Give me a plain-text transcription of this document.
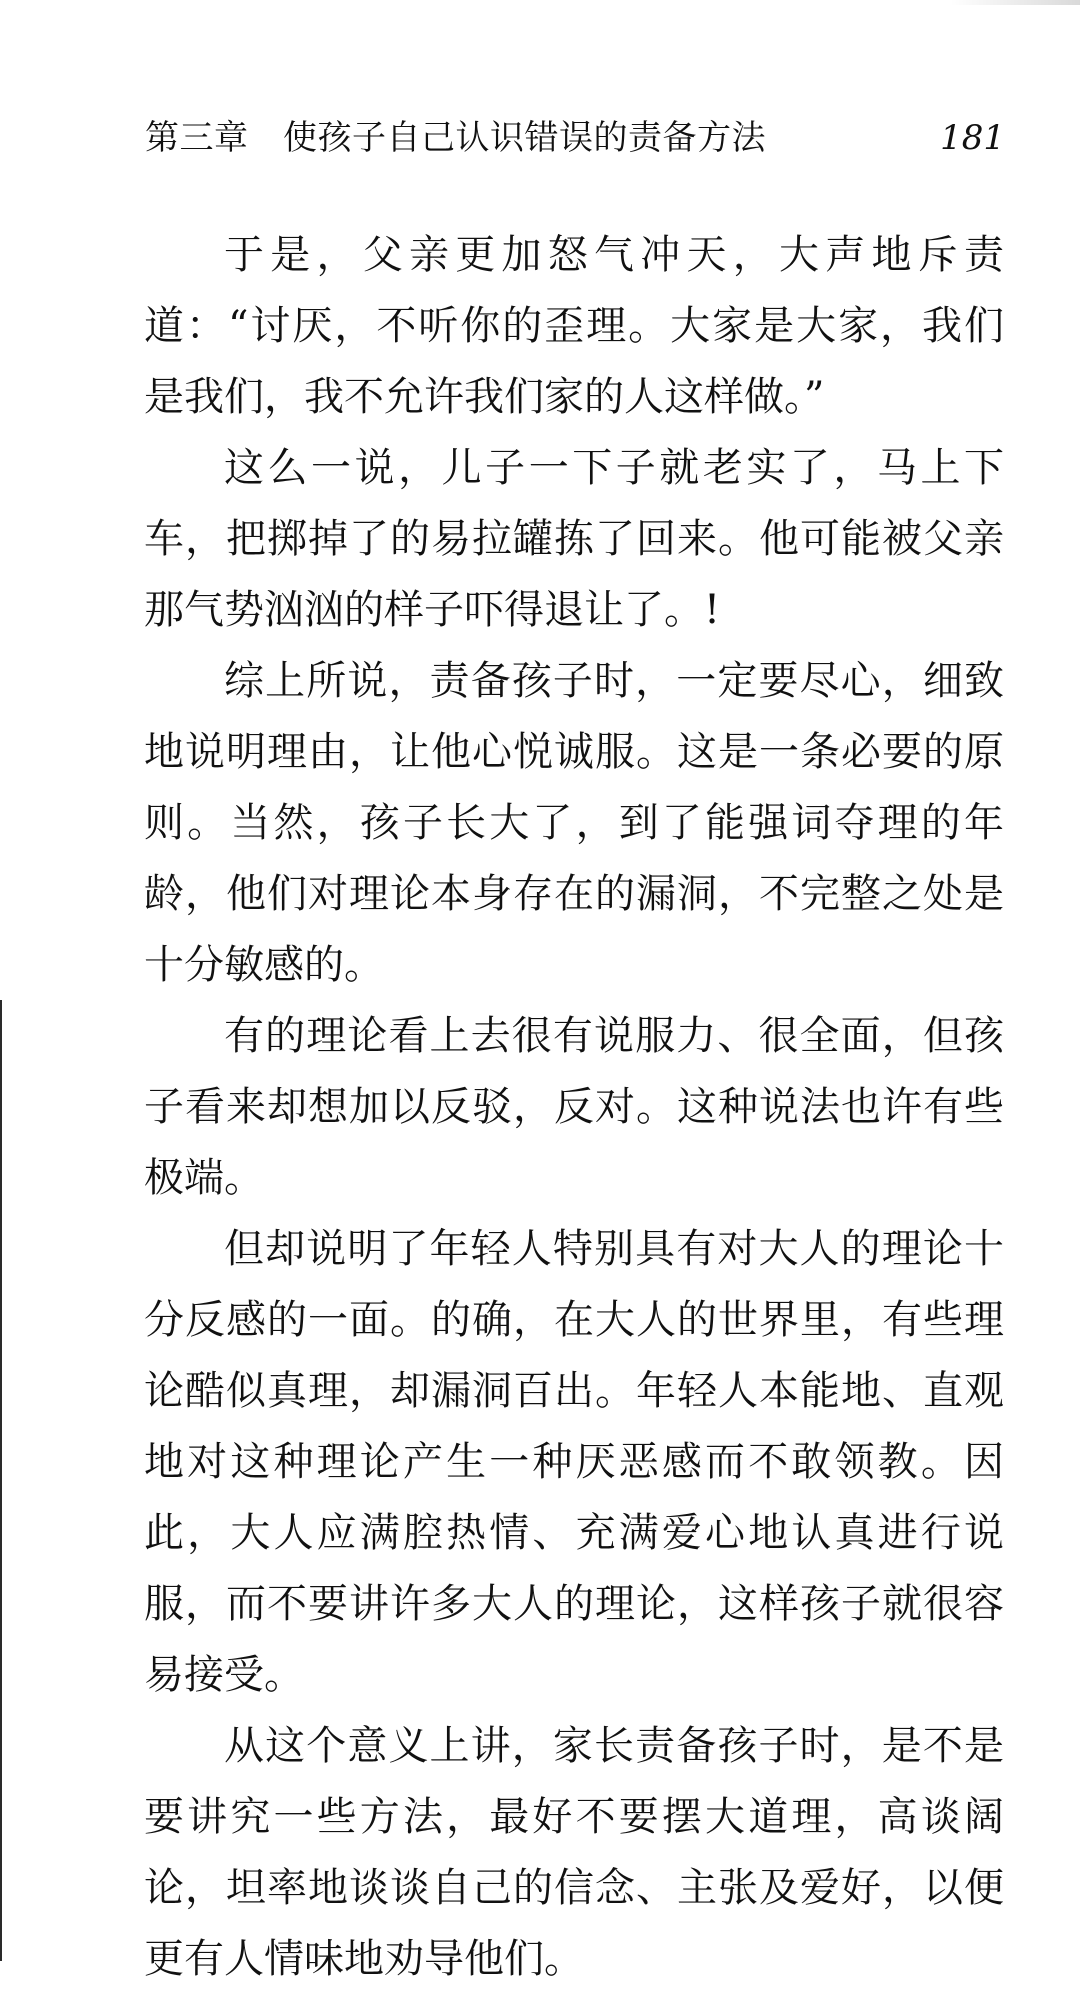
第三章　使孩子自己认识错误的责备方法	181

于是，父亲更加怒气冲天，大声地斥责道：“讨厌，不听你的歪理。大家是大家，我们是我们，我不允许我们家的人这样做。”

这么一说，儿子一下子就老实了，马上下车，把掷掉了的易拉罐拣了回来。他可能被父亲那气势汹汹的样子吓得退让了。!

综上所说，责备孩子时，一定要尽心，细致地说明理由，让他心悦诚服。这是一条必要的原则。当然，孩子长大了，到了能强词夺理的年龄，他们对理论本身存在的漏洞，不完整之处是十分敏感的。

有的理论看上去很有说服力、很全面，但孩子看来却想加以反驳，反对。这种说法也许有些极端。

但却说明了年轻人特别具有对大人的理论十分反感的一面。的确，在大人的世界里，有些理论酷似真理，却漏洞百出。年轻人本能地、直观地对这种理论产生一种厌恶感而不敢领教。因此，大人应满腔热情、充满爱心地认真进行说服，而不要讲许多大人的理论，这样孩子就很容易接受。

从这个意义上讲，家长责备孩子时，是不是要讲究一些方法，最好不要摆大道理，高谈阔论，坦率地谈谈自己的信念、主张及爱好，以便更有人情味地劝导他们。
